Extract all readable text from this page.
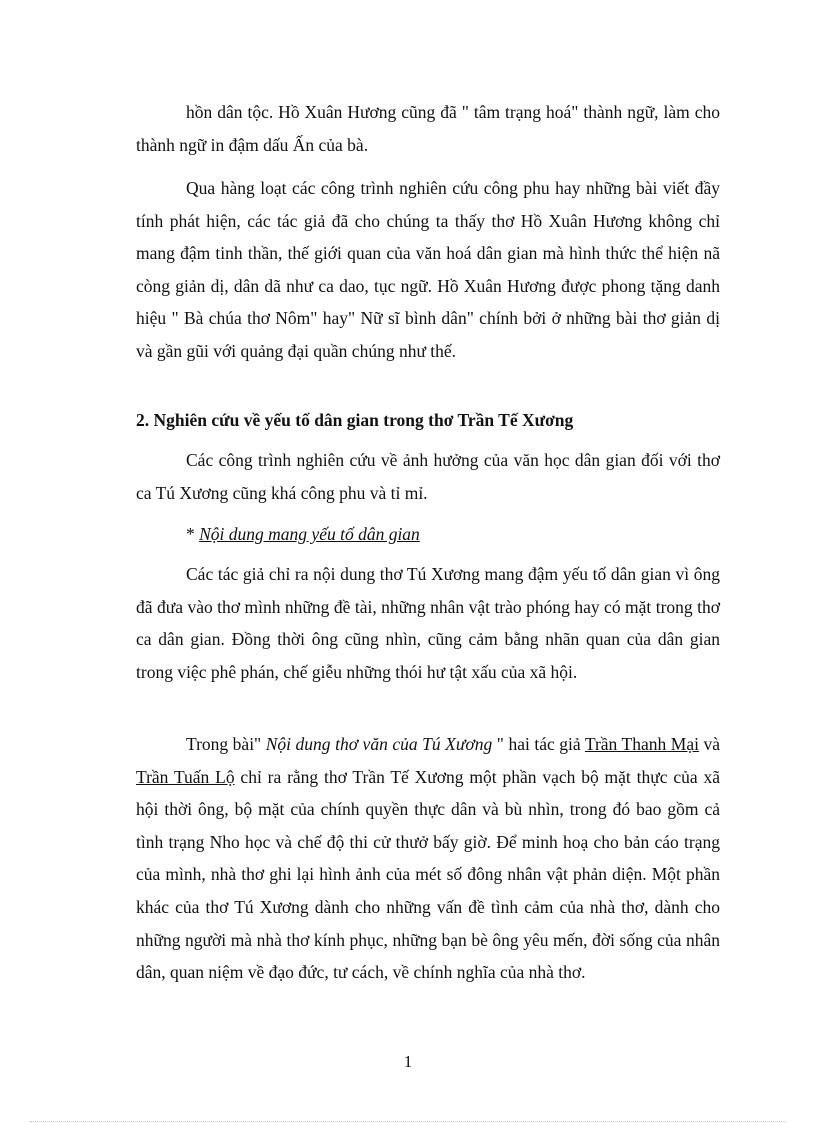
hồn dân tộc. Hồ Xuân Hương cũng đã " tâm trạng hoá" thành ngữ, làm cho thành ngữ in đậm dấu Ấn của bà.

Qua hàng loạt các công trình nghiên cứu công phu hay những bài viết đầy tính phát hiện, các tác giả đã cho chúng ta thấy thơ Hồ Xuân Hương không chỉ mang đậm tinh thần, thế giới quan của văn hoá dân gian mà hình thức thể hiện nã còng giản dị, dân dã như ca dao, tục ngữ. Hồ Xuân Hương được phong tặng danh hiệu " Bà chúa thơ Nôm" hay" Nữ sĩ bình dân" chính bởi ở những bài thơ giản dị và gần gũi với quảng đại quần chúng như thế.

2. Nghiên cứu về yếu tố dân gian trong thơ Trần Tế Xương

Các công trình nghiên cứu về ảnh hưởng của văn học dân gian đối với thơ ca Tú Xương cũng khá công phu và tỉ mỉ.

* Nội dung mang yếu tố dân gian

Các tác giả chỉ ra nội dung thơ Tú Xương mang đậm yếu tố dân gian vì ông đã đưa vào thơ mình những đề tài, những nhân vật trào phóng hay có mặt trong thơ ca dân gian. Đồng thời ông cũng nhìn, cũng cảm bằng nhãn quan của dân gian trong việc phê phán, chế giễu những thói hư tật xấu của xã hội.

Trong bài" Nội dung thơ văn của Tú Xương " hai tác giả Trần Thanh Mại và Trần Tuấn Lộ chỉ ra rằng thơ Trần Tế Xương một phần vạch bộ mặt thực của xã hội thời ông, bộ mặt của chính quyền thực dân và bù nhìn, trong đó bao gồm cả tình trạng Nho học và chế độ thi cử thưở bấy giờ. Để minh hoạ cho bản cáo trạng của mình, nhà thơ ghi lại hình ảnh của mét số đông nhân vật phản diện. Một phần khác của thơ Tú Xương dành cho những vấn đề tình cảm của nhà thơ, dành cho những người mà nhà thơ kính phục, những bạn bè ông yêu mến, đời sống của nhân dân, quan niệm về đạo đức, tư cách, về chính nghĩa của nhà thơ.

1
